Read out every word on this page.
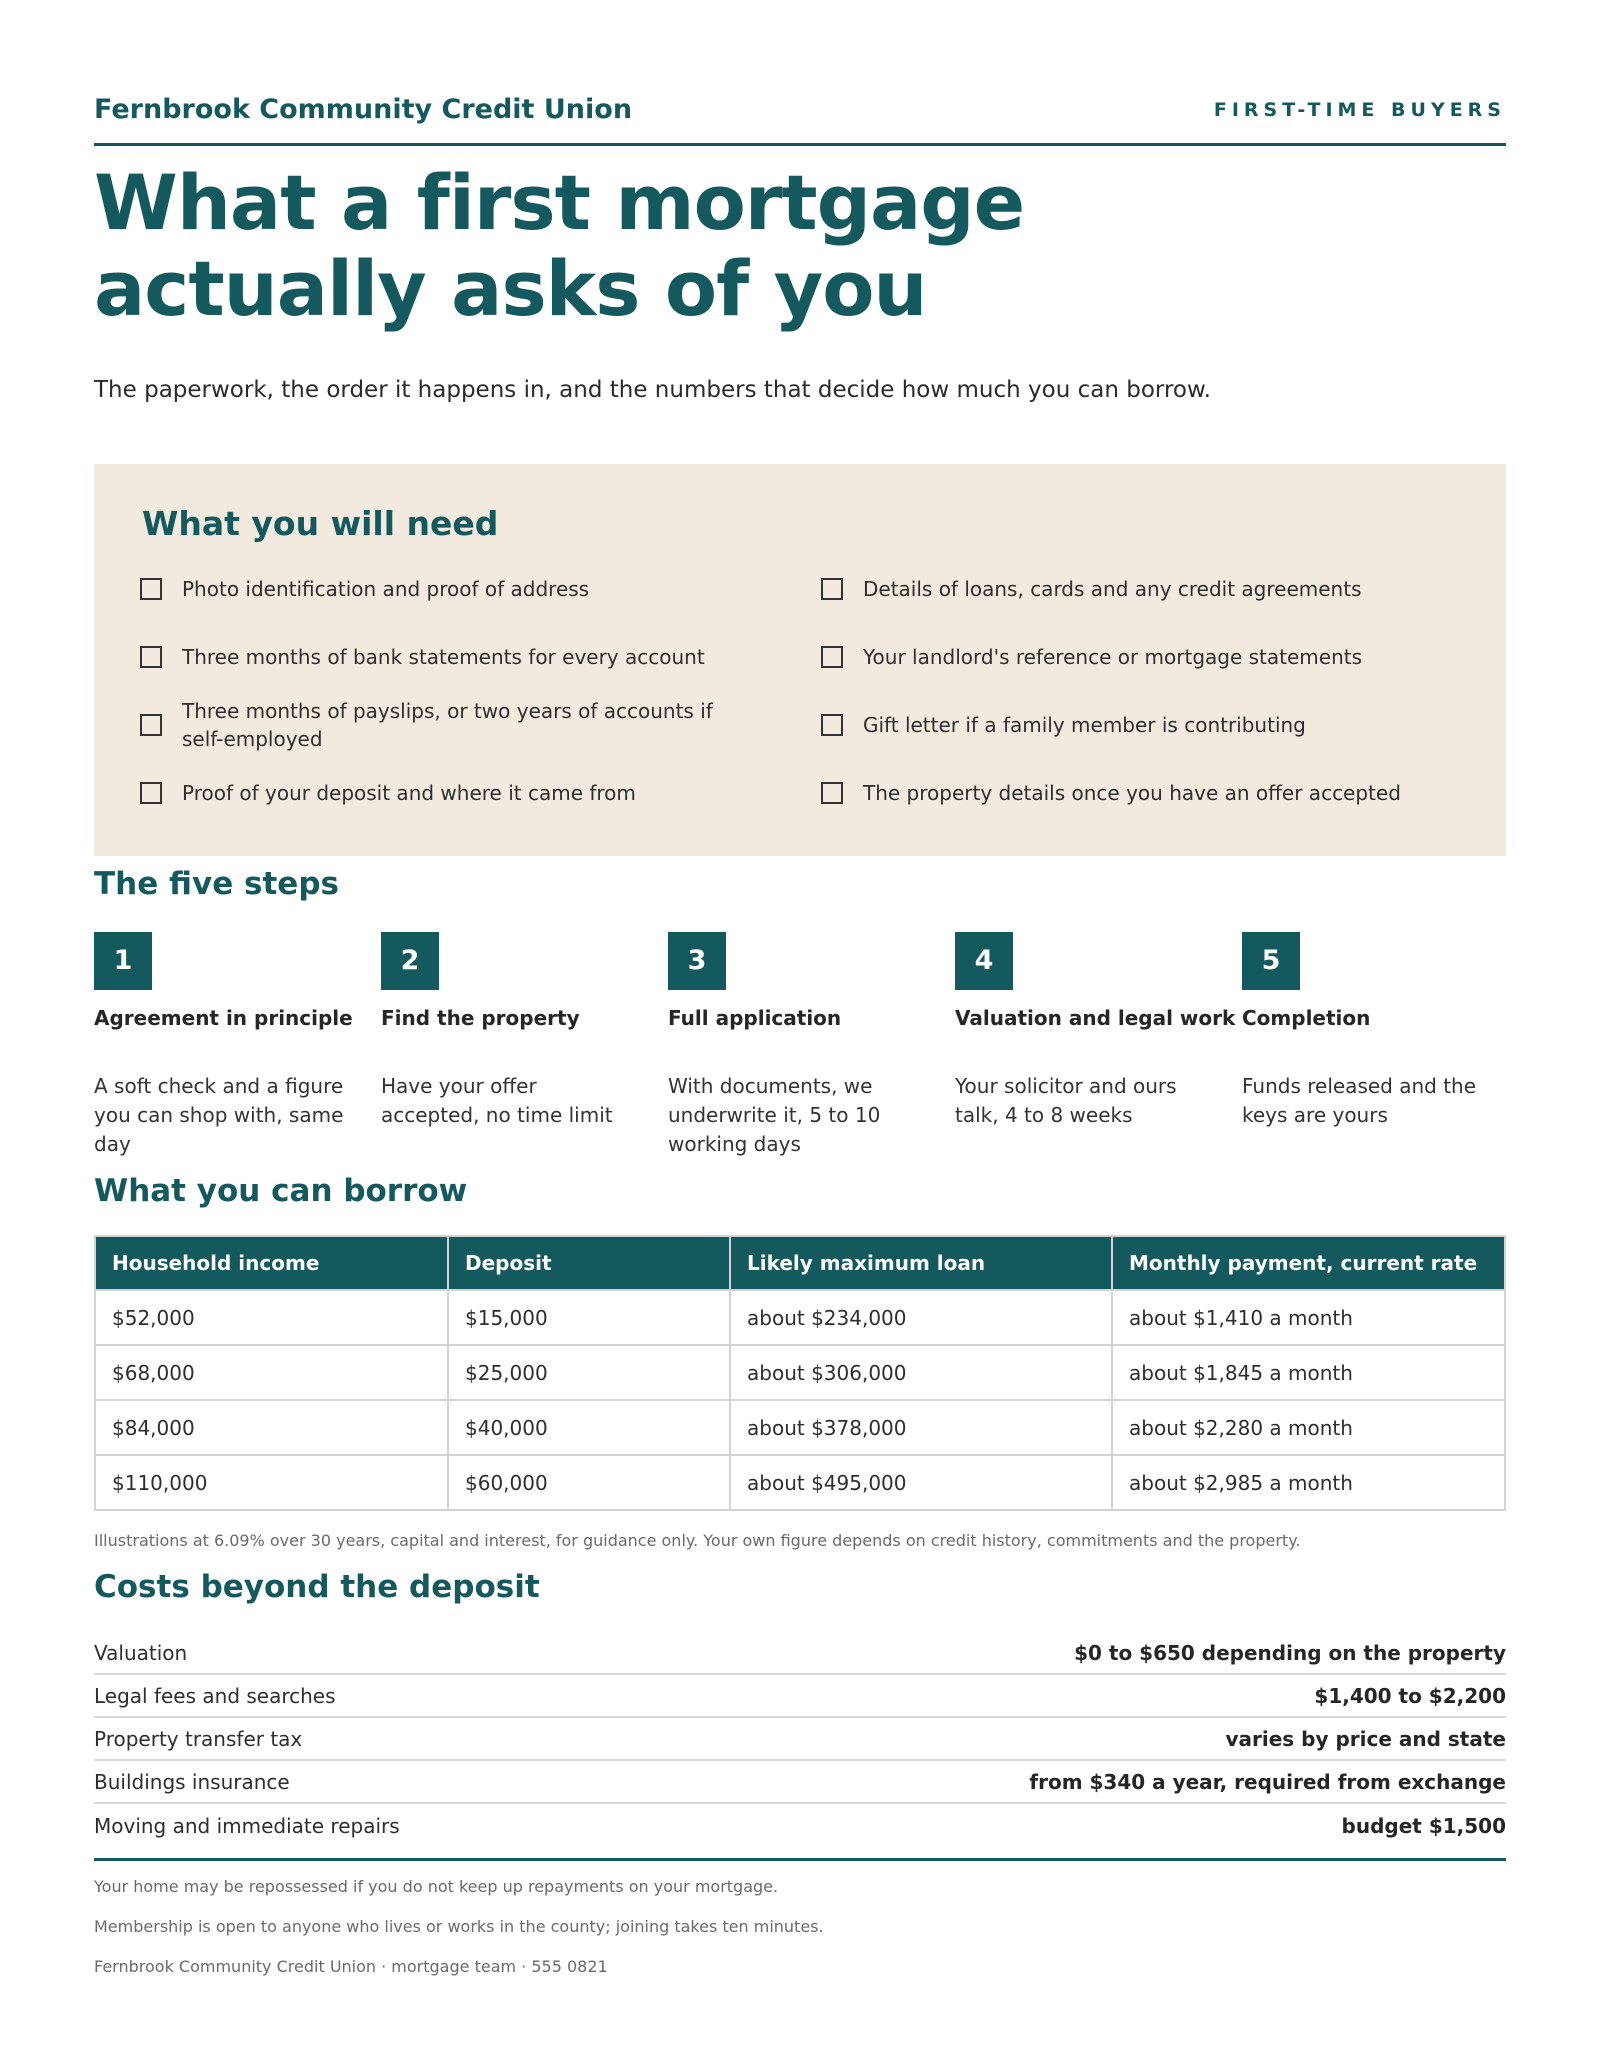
Fernbrook Community Credit Union	FIRST-TIME BUYERS
What a first mortgage
actually asks of you

The paperwork, the order it happens in, and the numbers that decide how much you can borrow.

What you will need
Photo identification and proof of address
Three months of bank statements for every account
Three months of payslips, or two years of accounts if self-employed
Proof of your deposit and where it came from
Details of loans, cards and any credit agreements
Your landlord's reference or mortgage statements
Gift letter if a family member is contributing
The property details once you have an offer accepted
The five steps
1
Agreement in principle
A soft check and a figure you can shop with, same day
2
Find the property
Have your offer accepted, no time limit
3
Full application
With documents, we underwrite it, 5 to 10 working days
4
Valuation and legal work
Your solicitor and ours talk, 4 to 8 weeks
5
Completion
Funds released and the keys are yours
What you can borrow
Household income	Deposit	Likely maximum loan	Monthly payment, current rate
$52,000	$15,000	about $234,000	about $1,410 a month
$68,000	$25,000	about $306,000	about $1,845 a month
$84,000	$40,000	about $378,000	about $2,280 a month
$110,000	$60,000	about $495,000	about $2,985 a month

Illustrations at 6.09% over 30 years, capital and interest, for guidance only. Your own figure depends on credit history, commitments and the property.

Costs beyond the deposit
Valuation	$0 to $650 depending on the property
Legal fees and searches	$1,400 to $2,200
Property transfer tax	varies by price and state
Buildings insurance	from $340 a year, required from exchange
Moving and immediate repairs	budget $1,500

Your home may be repossessed if you do not keep up repayments on your mortgage.

Membership is open to anyone who lives or works in the county; joining takes ten minutes.

Fernbrook Community Credit Union · mortgage team · 555 0821
